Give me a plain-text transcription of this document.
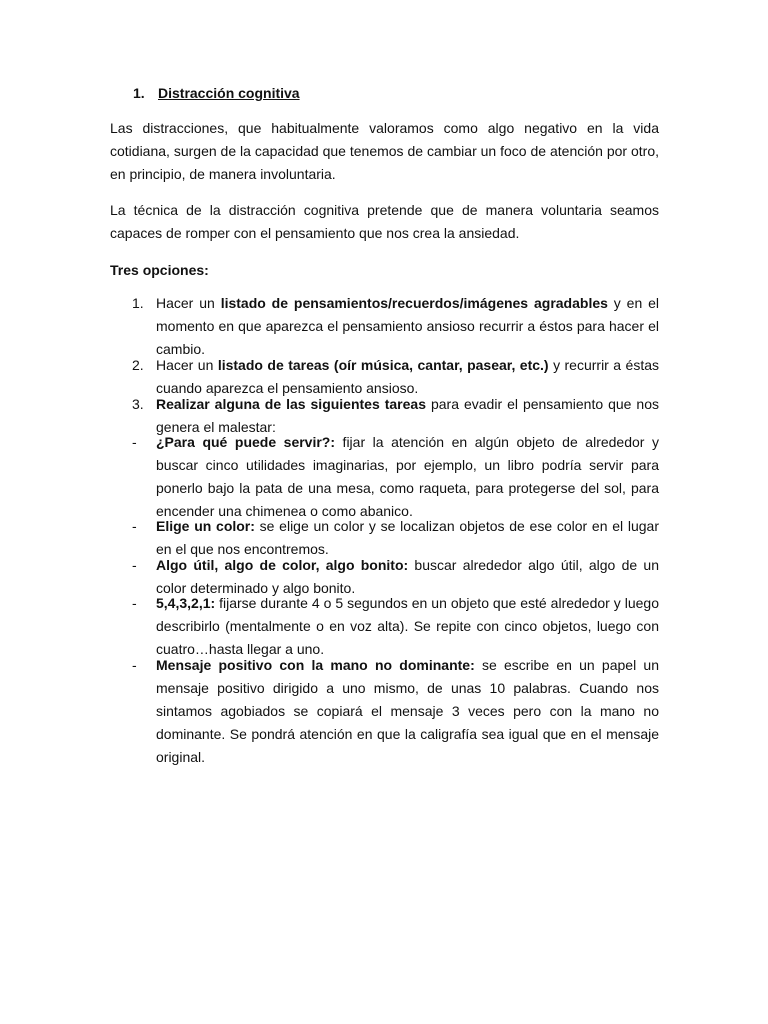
1. Distracción cognitiva

Las distracciones, que habitualmente valoramos como algo negativo en la vida cotidiana, surgen de la capacidad que tenemos de cambiar un foco de atención por otro, en principio, de manera involuntaria.

La técnica de la distracción cognitiva pretende que de manera voluntaria seamos capaces de romper con el pensamiento que nos crea la ansiedad.

Tres opciones:

1. Hacer un listado de pensamientos/recuerdos/imágenes agradables y en el momento en que aparezca el pensamiento ansioso recurrir a éstos para hacer el cambio.
2. Hacer un listado de tareas (oír música, cantar, pasear, etc.) y recurrir a éstas cuando aparezca el pensamiento ansioso.
3. Realizar alguna de las siguientes tareas para evadir el pensamiento que nos genera el malestar:
- ¿Para qué puede servir?: fijar la atención en algún objeto de alrededor y buscar cinco utilidades imaginarias, por ejemplo, un libro podría servir para ponerlo bajo la pata de una mesa, como raqueta, para protegerse del sol, para encender una chimenea o como abanico.
- Elige un color: se elige un color y se localizan objetos de ese color en el lugar en el que nos encontremos.
- Algo útil, algo de color, algo bonito: buscar alrededor algo útil, algo de un color determinado y algo bonito.
- 5,4,3,2,1: fijarse durante 4 o 5 segundos en un objeto que esté alrededor y luego describirlo (mentalmente o en voz alta). Se repite con cinco objetos, luego con cuatro…hasta llegar a uno.
- Mensaje positivo con la mano no dominante: se escribe en un papel un mensaje positivo dirigido a uno mismo, de unas 10 palabras. Cuando nos sintamos agobiados se copiará el mensaje 3 veces pero con la mano no dominante. Se pondrá atención en que la caligrafía sea igual que en el mensaje original.
